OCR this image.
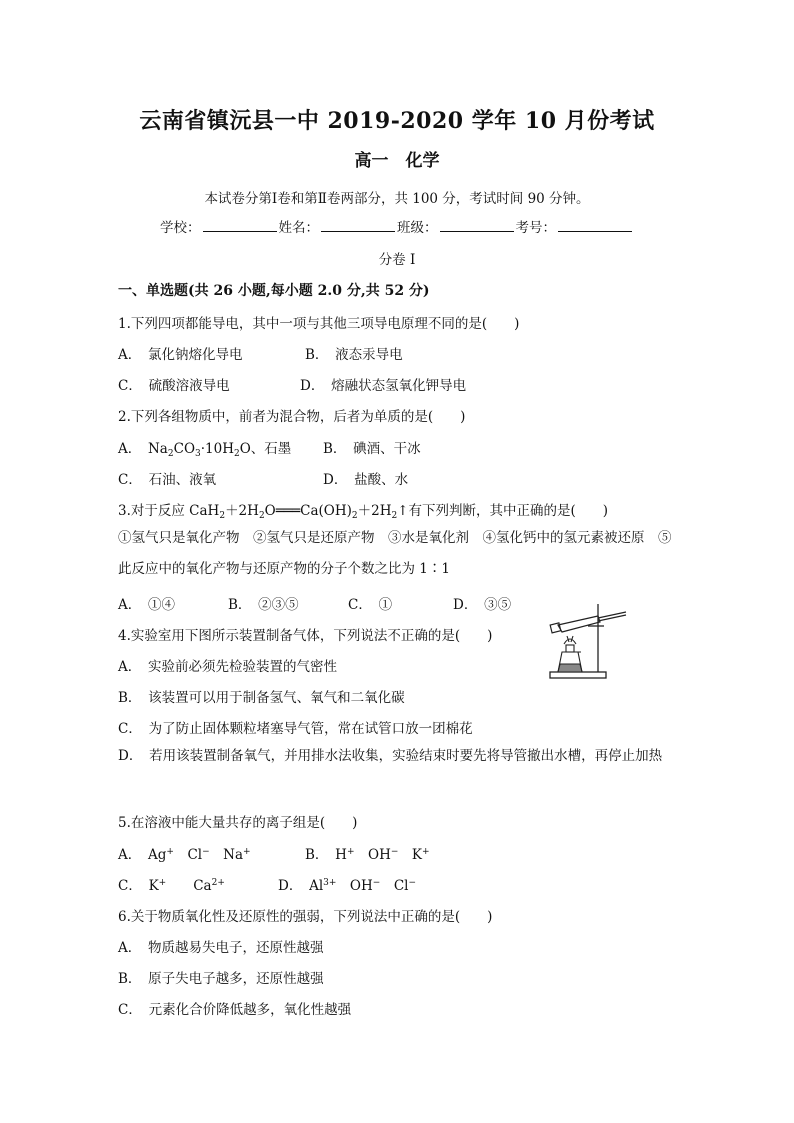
云南省镇沅县一中 2019-2020 学年 10 月份考试
高一　化学
本试卷分第Ⅰ卷和第Ⅱ卷两部分，共 100 分，考试时间 90 分钟。
学校：	姓名：	班级：	考号：
分卷 I
一、单选题(共 26 小题,每小题 2.0 分,共 52 分)
1.下列四项都能导电，其中一项与其他三项导电原理不同的是(　　)
A．　氯化钠熔化导电	B．　液态汞导电
C．　硫酸溶液导电	D．　熔融状态氢氧化钾导电
2.下列各组物质中，前者为混合物，后者为单质的是(　　)
A．　$Na_2CO_3\cdot 10H_2O$、石墨 B．　碘酒、干冰
C．　石油、液氧	D．　盐酸、水
3.对于反应 $CaH_2+2H_2O═══Ca(OH)_2+2H_2↑$有下列判断，其中正确的是(　　)
①氢气只是氧化产物　②氢气只是还原产物　③水是氧化剂　④氢化钙中的氢元素被还原　⑤此反应中的氧化产物与还原产物的分子个数之比为 1∶1
A．　①④	B．　②③⑤	C．　①	D．　③⑤
4.实验室用下图所示装置制备气体，下列说法不正确的是(　　)
A．　实验前必须先检验装置的气密性
B．　该装置可以用于制备氢气、氧气和二氧化碳
C．　为了防止固体颗粒堵塞导气管，常在试管口放一团棉花
D．　若用该装置制备氧气，并用排水法收集，实验结束时要先将导管撤出水槽，再停止加热
5.在溶液中能大量共存的离子组是(　　)
A．　Ag+　 Cl−　 Na+	B．　H+　 OH−　 K+
C．　K+　　 $Ca^{2+}$	D．　$Al^{3+}$　 OH−　 Cl−
6.关于物质氧化性及还原性的强弱，下列说法中正确的是(　　)
A．　物质越易失电子，还原性越强
B．　原子失电子越多，还原性越强
C．　元素化合价降低越多，氧化性越强
